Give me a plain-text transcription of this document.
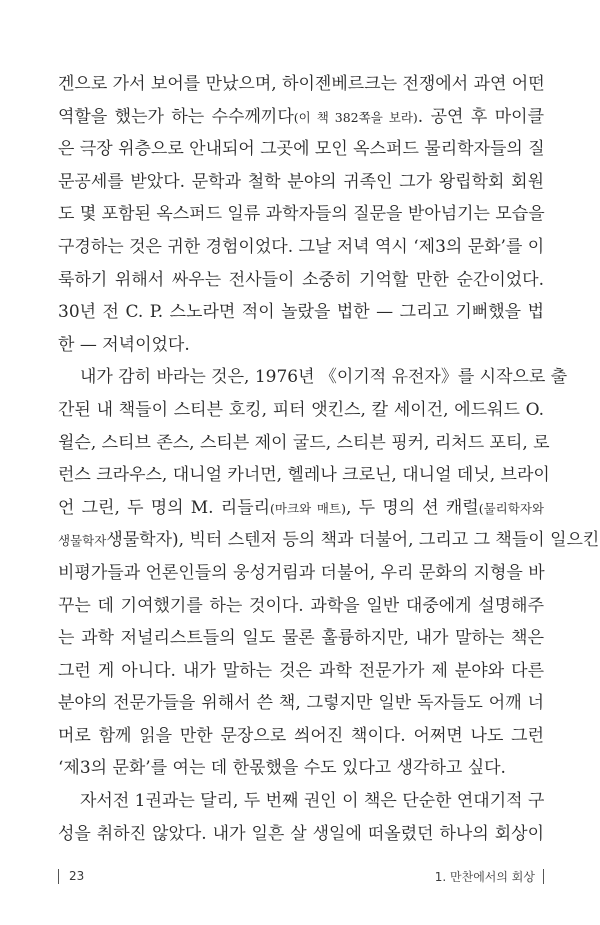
겐으로 가서 보어를 만났으며, 하이젠베르크는 전쟁에서 과연 어떤
역할을 했는가 하는 수수께끼다(이 책 382쪽을 보라). 공연 후 마이클
은 극장 위층으로 안내되어 그곳에 모인 옥스퍼드 물리학자들의 질
문공세를 받았다. 문학과 철학 분야의 귀족인 그가 왕립학회 회원
도 몇 포함된 옥스퍼드 일류 과학자들의 질문을 받아넘기는 모습을
구경하는 것은 귀한 경험이었다. 그날 저녁 역시 ‘제3의 문화’를 이
룩하기 위해서 싸우는 전사들이 소중히 기억할 만한 순간이었다.
30년 전 C. P. 스노라면 적이 놀랐을 법한 — 그리고 기뻐했을 법
한 — 저녁이었다.
내가 감히 바라는 것은, 1976년 《이기적 유전자》를 시작으로 출
간된 내 책들이 스티븐 호킹, 피터 앳킨스, 칼 세이건, 에드워드 O.
윌슨, 스티브 존스, 스티븐 제이 굴드, 스티븐 핑커, 리처드 포티, 로
런스 크라우스, 대니얼 카너먼, 헬레나 크로닌, 대니얼 데닛, 브라이
언 그린, 두 명의 M. 리들리(마크와 매트), 두 명의 션 캐럴(물리학자와
생물학자생물학자), 빅터 스텐저 등의 책과 더불어, 그리고 그 책들이 일으킨
비평가들과 언론인들의 웅성거림과 더불어, 우리 문화의 지형을 바
꾸는 데 기여했기를 하는 것이다. 과학을 일반 대중에게 설명해주
는 과학 저널리스트들의 일도 물론 훌륭하지만, 내가 말하는 책은
그런 게 아니다. 내가 말하는 것은 과학 전문가가 제 분야와 다른
분야의 전문가들을 위해서 쓴 책, 그렇지만 일반 독자들도 어깨 너
머로 함께 읽을 만한 문장으로 씌어진 책이다. 어쩌면 나도 그런
‘제3의 문화’를 여는 데 한몫했을 수도 있다고 생각하고 싶다.
자서전 1권과는 달리, 두 번째 권인 이 책은 단순한 연대기적 구
성을 취하진 않았다. 내가 일흔 살 생일에 떠올렸던 하나의 회상이
23	1. 만찬에서의 회상
